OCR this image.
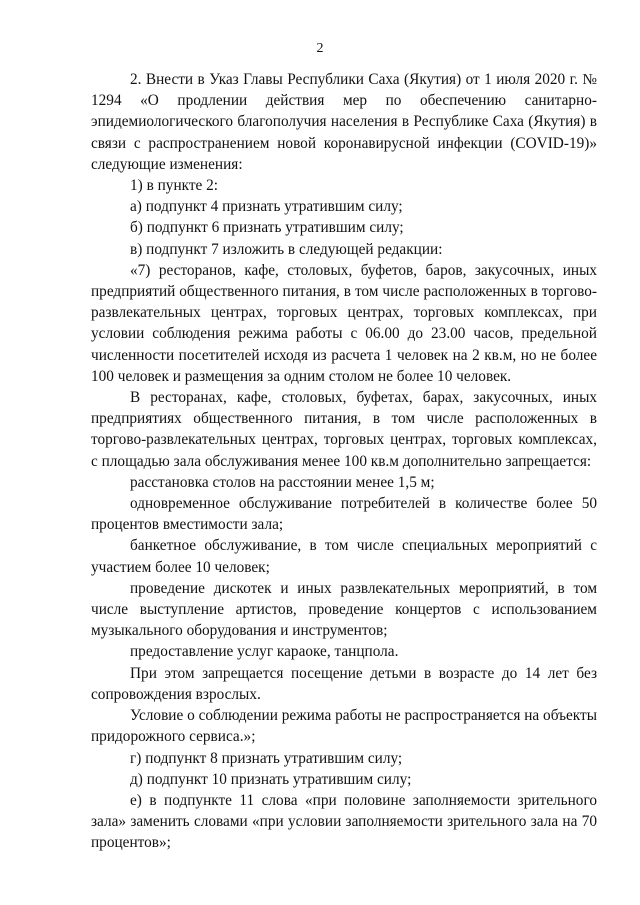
2

2. Внести в Указ Главы Республики Саха (Якутия) от 1 июля 2020 г. № 1294 «О продлении действия мер по обеспечению санитарно-эпидемиологического благополучия населения в Республике Саха (Якутия) в связи с распространением новой коронавирусной инфекции (COVID-19)» следующие изменения:

1) в пункте 2:

а) подпункт 4 признать утратившим силу;

б) подпункт 6 признать утратившим силу;

в) подпункт 7 изложить в следующей редакции:

«7) ресторанов, кафе, столовых, буфетов, баров, закусочных, иных предприятий общественного питания, в том числе расположенных в торгово-развлекательных центрах, торговых центрах, торговых комплексах, при условии соблюдения режима работы с 06.00 до 23.00 часов, предельной численности посетителей исходя из расчета 1 человек на 2 кв.м, но не более 100 человек и размещения за одним столом не более 10 человек.

В ресторанах, кафе, столовых, буфетах, барах, закусочных, иных предприятиях общественного питания, в том числе расположенных в торгово-развлекательных центрах, торговых центрах, торговых комплексах, с площадью зала обслуживания менее 100 кв.м дополнительно запрещается:

расстановка столов на расстоянии менее 1,5 м;

одновременное обслуживание потребителей в количестве более 50 процентов вместимости зала;

банкетное обслуживание, в том числе специальных мероприятий с участием более 10 человек;

проведение дискотек и иных развлекательных мероприятий, в том числе выступление артистов, проведение концертов с использованием музыкального оборудования и инструментов;

предоставление услуг караоке, танцпола.

При этом запрещается посещение детьми в возрасте до 14 лет без сопровождения взрослых.

Условие о соблюдении режима работы не распространяется на объекты придорожного сервиса.»;

г) подпункт 8 признать утратившим силу;

д) подпункт 10 признать утратившим силу;

е) в подпункте 11 слова «при половине заполняемости зрительного зала» заменить словами «при условии заполняемости зрительного зала на 70 процентов»;
